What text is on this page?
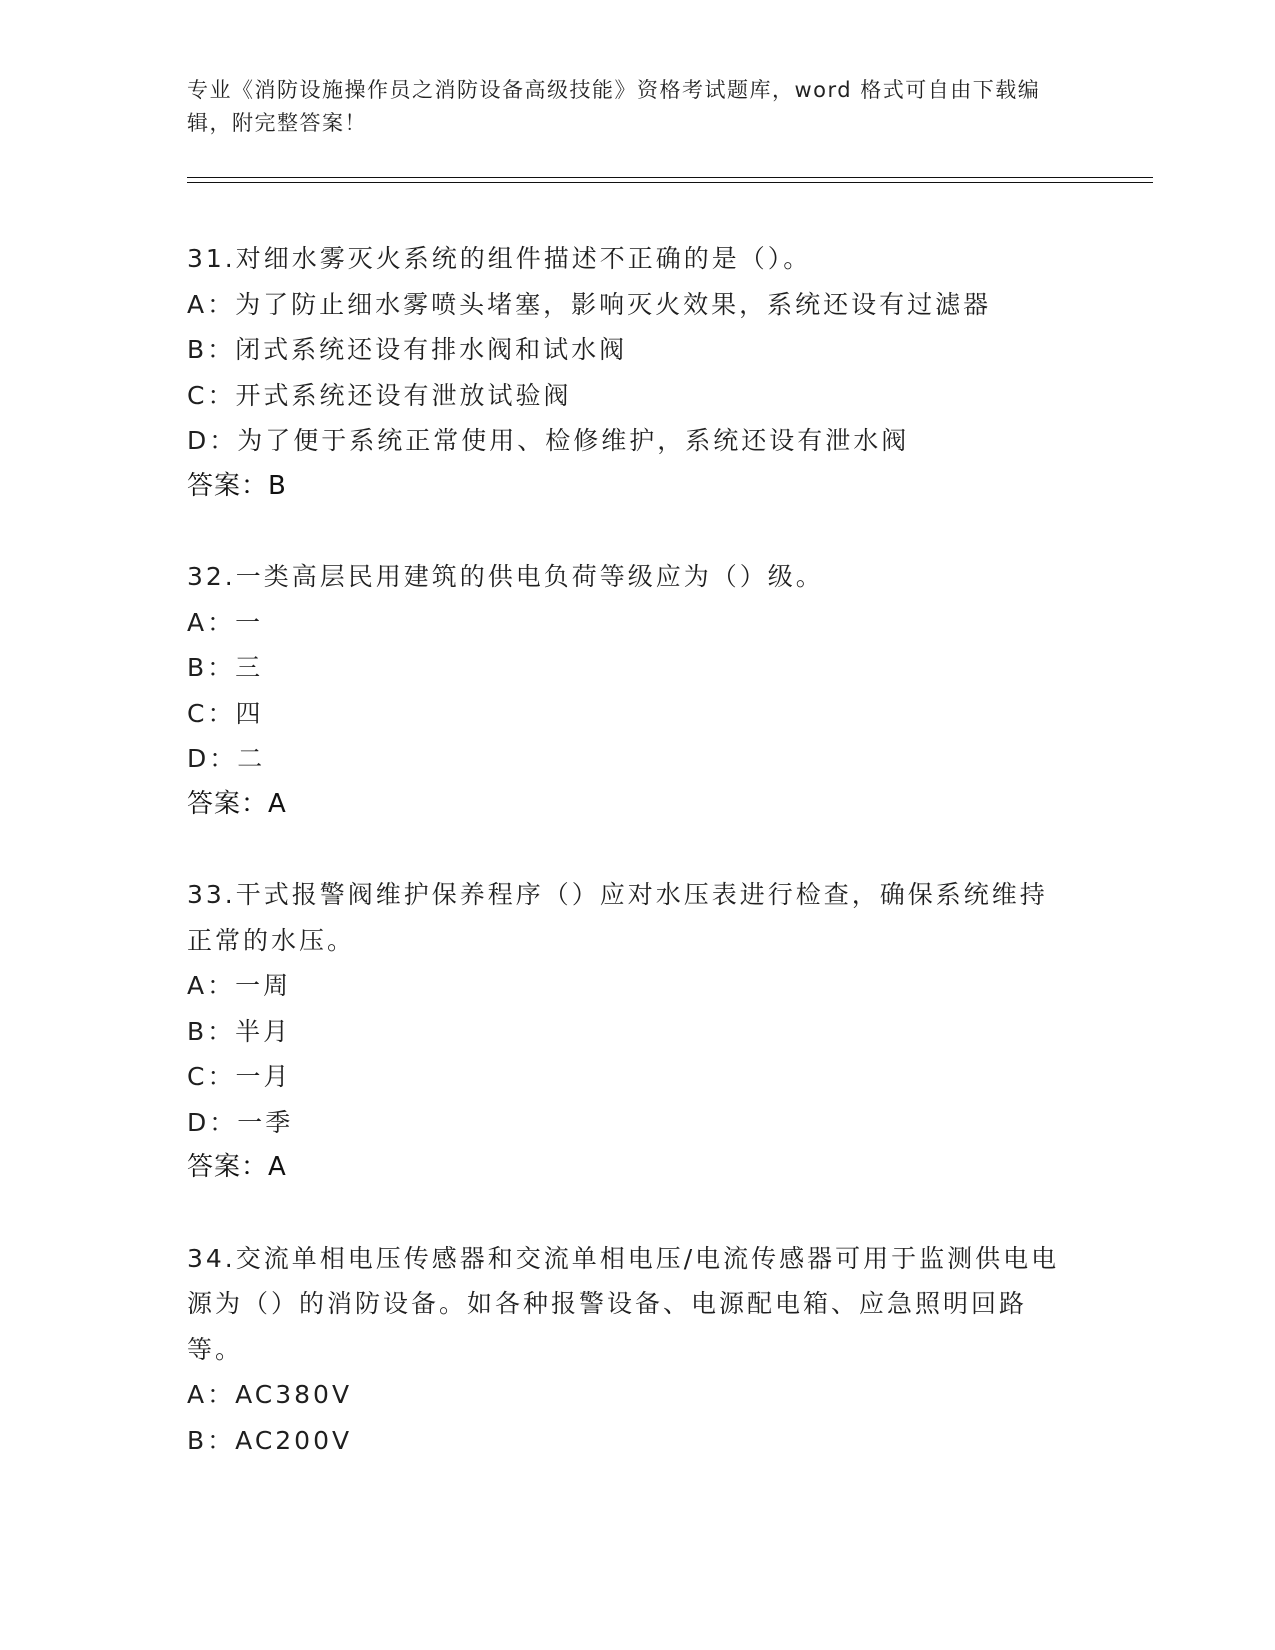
专业《消防设施操作员之消防设备高级技能》资格考试题库，word 格式可自由下载编辑，附完整答案！
31.对细水雾灭火系统的组件描述不正确的是（）。
A：为了防止细水雾喷头堵塞，影响灭火效果，系统还设有过滤器
B：闭式系统还设有排水阀和试水阀
C：开式系统还设有泄放试验阀
D：为了便于系统正常使用、检修维护，系统还设有泄水阀
答案：B
32.一类高层民用建筑的供电负荷等级应为（）级。
A：一
B：三
C：四
D：二
答案：A
33.干式报警阀维护保养程序（）应对水压表进行检查，确保系统维持正常的水压。
A：一周
B：半月
C：一月
D：一季
答案：A
34.交流单相电压传感器和交流单相电压/电流传感器可用于监测供电电源为（）的消防设备。如各种报警设备、电源配电箱、应急照明回路等。
A：AC380V
B：AC200V
